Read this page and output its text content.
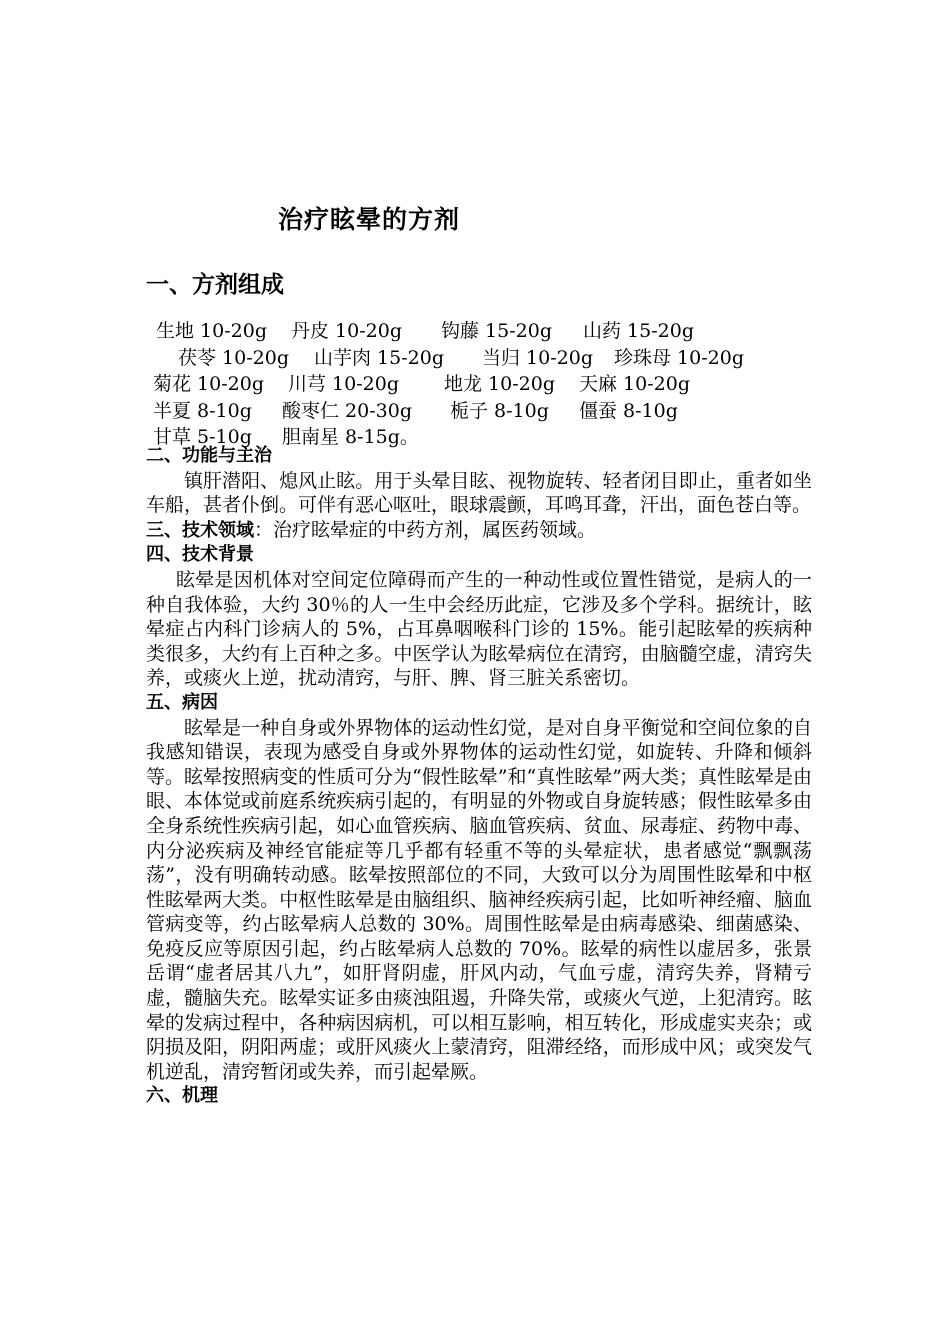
治疗眩晕的方剂
一、方剂组成
生地 10-20g 丹皮 10-20g 钩藤 15-20g 山药 15-20g
茯苓 10-20g 山芋肉 15-20g 当归 10-20g 珍珠母 10-20g
菊花 10-20g 川芎 10-20g 地龙 10-20g 天麻 10-20g
半夏 8-10g 酸枣仁 20-30g 栀子 8-10g 僵蚕 8-10g
甘草 5-10g 胆南星 8-15g。
二、功能与主治

镇肝潜阳、熄风止眩。用于头晕目眩、视物旋转、轻者闭目即止，重者如坐车船，甚者仆倒。可伴有恶心呕吐，眼球震颤，耳鸣耳聋，汗出，面色苍白等。

三、技术领域：治疗眩晕症的中药方剂，属医药领域。

四、技术背景

眩晕是因机体对空间定位障碍而产生的一种动性或位置性错觉，是病人的一种自我体验，大约 30％的人一生中会经历此症，它涉及多个学科。据统计，眩晕症占内科门诊病人的 5%，占耳鼻咽喉科门诊的 15%。能引起眩晕的疾病种类很多，大约有上百种之多。中医学认为眩晕病位在清窍，由脑髓空虚，清窍失养，或痰火上逆，扰动清窍，与肝、脾、肾三脏关系密切。

五、病因

眩晕是一种自身或外界物体的运动性幻觉，是对自身平衡觉和空间位象的自我感知错误，表现为感受自身或外界物体的运动性幻觉，如旋转、升降和倾斜等。眩晕按照病变的性质可分为“假性眩晕”和“真性眩晕”两大类；真性眩晕是由眼、本体觉或前庭系统疾病引起的，有明显的外物或自身旋转感；假性眩晕多由全身系统性疾病引起，如心血管疾病、脑血管疾病、贫血、尿毒症、药物中毒、内分泌疾病及神经官能症等几乎都有轻重不等的头晕症状，患者感觉“飘飘荡荡”，没有明确转动感。眩晕按照部位的不同，大致可以分为周围性眩晕和中枢性眩晕两大类。中枢性眩晕是由脑组织、脑神经疾病引起，比如听神经瘤、脑血管病变等，约占眩晕病人总数的 30%。周围性眩晕是由病毒感染、细菌感染、免疫反应等原因引起，约占眩晕病人总数的 70%。眩晕的病性以虚居多，张景岳谓“虚者居其八九”，如肝肾阴虚，肝风内动，气血亏虚，清窍失养，肾精亏虚，髓脑失充。眩晕实证多由痰浊阻遏，升降失常，或痰火气逆，上犯清窍。眩晕的发病过程中，各种病因病机，可以相互影响，相互转化，形成虚实夹杂；或阴损及阳，阴阳两虚；或肝风痰火上蒙清窍，阻滞经络，而形成中风；或突发气机逆乱，清窍暂闭或失养，而引起晕厥。

六、机理
